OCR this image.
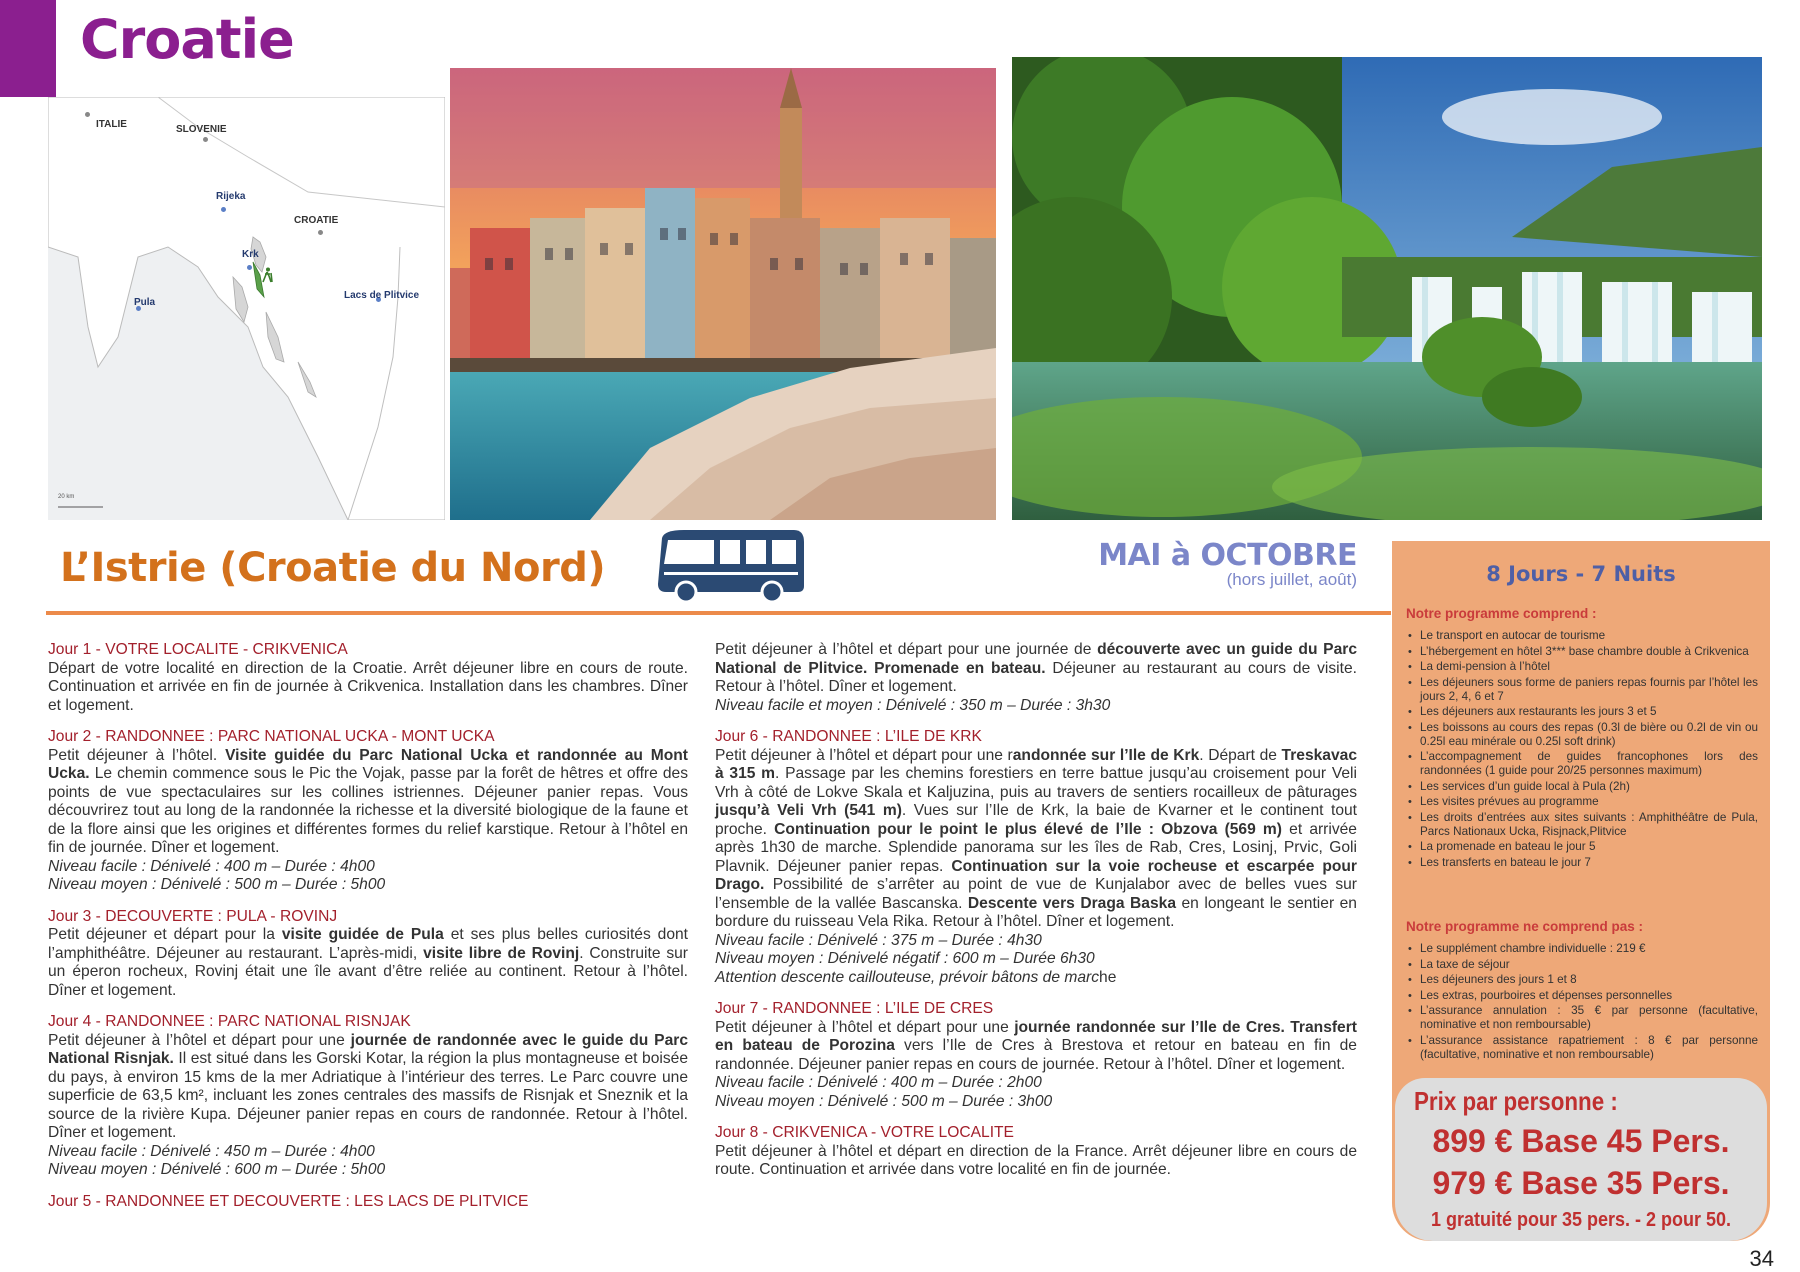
Croatie
ITALIE	SLOVENIE
Rijeka
CROATIE
Krk
Pula
Lacs de Plitvice
20 km
L’Istrie (Croatie du Nord)	MAI à OCTOBRE
(hors juillet, août)
Jour 1 - VOTRE LOCALITE - CRIKVENICA
Départ de votre localité en direction de la Croatie. Arrêt déjeuner libre en cours de route. Continuation et arrivée en fin de journée à Crikvenica. Installation dans les chambres. Dîner et logement.
Jour 2 - RANDONNEE : PARC NATIONAL UCKA - MONT UCKA
Petit déjeuner à l’hôtel. Visite guidée du Parc National Ucka et randonnée au Mont Ucka. Le chemin commence sous le Pic the Vojak, passe par la forêt de hêtres et offre des points de vue spectaculaires sur les collines istriennes. Déjeuner panier repas. Vous découvrirez tout au long de la randonnée la richesse et la diversité biologique de la faune et de la flore ainsi que les origines et différentes formes du relief karstique. Retour à l’hôtel en fin de journée. Dîner et logement.
Niveau facile : Dénivelé : 400 m – Durée : 4h00
Niveau moyen : Dénivelé : 500 m – Durée : 5h00
Jour 3 - DECOUVERTE : PULA - ROVINJ
Petit déjeuner et départ pour la visite guidée de Pula et ses plus belles curiosités dont l’amphithéâtre. Déjeuner au restaurant. L’après-midi, visite libre de Rovinj. Construite sur un éperon rocheux, Rovinj était une île avant d’être reliée au continent. Retour à l’hôtel. Dîner et logement.
Jour 4 - RANDONNEE : PARC NATIONAL RISNJAK
Petit déjeuner à l’hôtel et départ pour une journée de randonnée avec le guide du Parc National Risnjak. Il est situé dans les Gorski Kotar, la région la plus montagneuse et boisée du pays, à environ 15 kms de la mer Adriatique à l’intérieur des terres. Le Parc couvre une superficie de 63,5 km², incluant les zones centrales des massifs de Risnjak et Sneznik et la source de la rivière Kupa. Déjeuner panier repas en cours de randonnée. Retour à l’hôtel. Dîner et logement.
Niveau facile : Dénivelé : 450 m – Durée : 4h00
Niveau moyen : Dénivelé : 600 m – Durée : 5h00
Jour 5 - RANDONNEE ET DECOUVERTE : LES LACS DE PLITVICE
Petit déjeuner à l’hôtel et départ pour une journée de découverte avec un guide du Parc National de Plitvice. Promenade en bateau. Déjeuner au restaurant au cours de visite. Retour à l’hôtel. Dîner et logement.
Niveau facile et moyen : Dénivelé : 350 m – Durée : 3h30
Jour 6 - RANDONNEE : L’ILE DE KRK
Petit déjeuner à l’hôtel et départ pour une randonnée sur l’Ile de Krk. Départ de Treskavac à 315 m. Passage par les chemins forestiers en terre battue jusqu’au croisement pour Veli Vrh à côté de Lokve Skala et Kaljuzina, puis au travers de sentiers rocailleux de pâturages jusqu’à Veli Vrh (541 m). Vues sur l’Ile de Krk, la baie de Kvarner et le continent tout proche. Continuation pour le point le plus élevé de l’Ile : Obzova (569 m) et arrivée après 1h30 de marche. Splendide panorama sur les îles de Rab, Cres, Losinj, Prvic, Goli Plavnik. Déjeuner panier repas. Continuation sur la voie rocheuse et escarpée pour Drago. Possibilité de s’arrêter au point de vue de Kunjalabor avec de belles vues sur l’ensemble de la vallée Bascanska. Descente vers Draga Baska en longeant le sentier en bordure du ruisseau Vela Rika. Retour à l’hôtel. Dîner et logement.
Niveau facile : Dénivelé : 375 m – Durée : 4h30
Niveau moyen : Dénivelé négatif : 600 m – Durée 6h30
Attention descente caillouteuse, prévoir bâtons de marche
Jour 7 - RANDONNEE : L’ILE DE CRES
Petit déjeuner à l’hôtel et départ pour une journée randonnée sur l’Ile de Cres. Transfert en bateau de Porozina vers l’Ile de Cres à Brestova et retour en bateau en fin de randonnée. Déjeuner panier repas en cours de journée. Retour à l’hôtel. Dîner et logement.
Niveau facile : Dénivelé : 400 m – Durée : 2h00
Niveau moyen : Dénivelé : 500 m – Durée : 3h00
Jour 8 - CRIKVENICA - VOTRE LOCALITE
Petit déjeuner à l’hôtel et départ en direction de la France. Arrêt déjeuner libre en cours de route. Continuation et arrivée dans votre localité en fin de journée.
8 Jours - 7 Nuits
Notre programme comprend :
• Le transport en autocar de tourisme
• L’hébergement en hôtel 3*** base chambre double à Crikvenica
• La demi-pension à l’hôtel
• Les déjeuners sous forme de paniers repas fournis par l’hôtel les jours 2, 4, 6 et 7
• Les déjeuners aux restaurants les jours 3 et 5
• Les boissons au cours des repas (0.3l de bière ou 0.2l de vin ou 0.25l eau minérale ou 0.25l soft drink)
• L’accompagnement de guides francophones lors des randonnées (1 guide pour 20/25 personnes maximum)
• Les services d’un guide local à Pula (2h)
• Les visites prévues au programme
• Les droits d’entrées aux sites suivants : Amphithéâtre de Pula, Parcs Nationaux Ucka, Risjnack,Plitvice
• La promenade en bateau le jour 5
• Les transferts en bateau le jour 7
Notre programme ne comprend pas :
• Le supplément chambre individuelle : 219 €
• La taxe de séjour
• Les déjeuners des jours 1 et 8
• Les extras, pourboires et dépenses personnelles
• L’assurance annulation : 35 € par personne (facultative, nominative et non remboursable)
• L’assurance assistance rapatriement : 8 € par personne (facultative, nominative et non remboursable)
Prix par personne :
899 € Base 45 Pers.
979 € Base 35 Pers.
1 gratuité pour 35 pers. - 2 pour 50.
34
